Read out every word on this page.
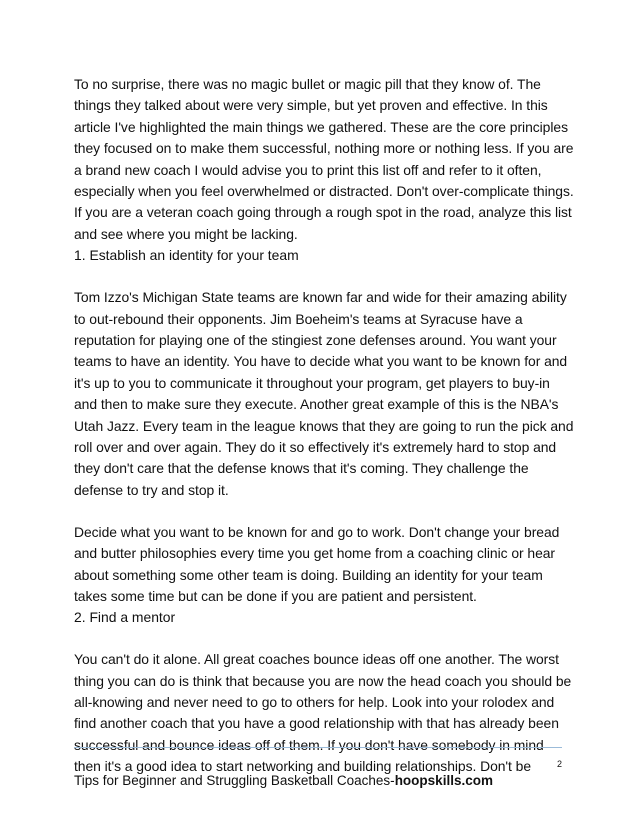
To no surprise, there was no magic bullet or magic pill that they know of. The things they talked about were very simple, but yet proven and effective. In this article I've highlighted the main things we gathered. These are the core principles they focused on to make them successful, nothing more or nothing less. If you are a brand new coach I would advise you to print this list off and refer to it often, especially when you feel overwhelmed or distracted. Don't over-complicate things. If you are a veteran coach going through a rough spot in the road, analyze this list and see where you might be lacking.

1. Establish an identity for your team

Tom Izzo's Michigan State teams are known far and wide for their amazing ability to out-rebound their opponents. Jim Boeheim's teams at Syracuse have a reputation for playing one of the stingiest zone defenses around. You want your teams to have an identity. You have to decide what you want to be known for and it's up to you to communicate it throughout your program, get players to buy-in and then to make sure they execute. Another great example of this is the NBA's Utah Jazz. Every team in the league knows that they are going to run the pick and roll over and over again. They do it so effectively it's extremely hard to stop and they don't care that the defense knows that it's coming. They challenge the defense to try and stop it.

Decide what you want to be known for and go to work. Don't change your bread and butter philosophies every time you get home from a coaching clinic or hear about something some other team is doing. Building an identity for your team takes some time but can be done if you are patient and persistent.

2. Find a mentor

You can't do it alone. All great coaches bounce ideas off one another. The worst thing you can do is think that because you are now the head coach you should be all-knowing and never need to go to others for help. Look into your rolodex and find another coach that you have a good relationship with that has already been successful and bounce ideas off of them. If you don't have somebody in mind then it's a good idea to start networking and building relationships. Don't be	2
Tips for Beginner and Struggling Basketball Coaches-hoopskills.com
